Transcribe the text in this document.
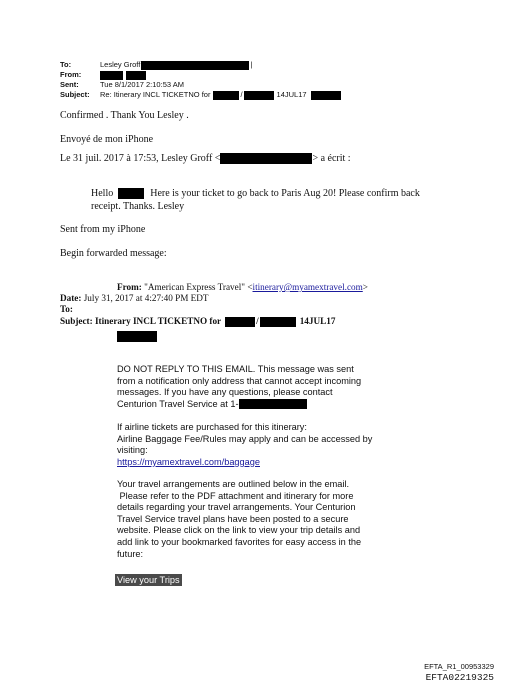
To:	Lesley Groff	|
From:
Sent:	Tue 8/1/2017 2:10:53 AM
Subject: Re: Itinerary INCL TICKETNO for	/	14JUL17
Confirmed . Thank You Lesley .
Envoyé de mon iPhone
Le 31 juil. 2017 à 17:53, Lesley Groff <	> a écrit :
Hello	Here is your ticket to go back to Paris Aug 20! Please confirm back
receipt. Thanks. Lesley
Sent from my iPhone
Begin forwarded message:
From: "American Express Travel" <itinerary@myamextravel.com>
Date: July 31, 2017 at 4:27:40 PM EDT
To:
Subject: Itinerary INCL TICKETNO for	/	14JUL17
DO NOT REPLY TO THIS EMAIL. This message was sent
from a notification only address that cannot accept incoming
messages. If you have any questions, please contact
Centurion Travel Service at 1-
If airline tickets are purchased for this itinerary:
Airline Baggage Fee/Rules may apply and can be accessed by
visiting:
https://myamextravel.com/baggage
Your travel arrangements are outlined below in the email.
Please refer to the PDF attachment and itinerary for more
details regarding your travel arrangements. Your Centurion
Travel Service travel plans have been posted to a secure
website. Please click on the link to view your trip details and
add link to your bookmarked favorites for easy access in the
future:
View your Trips
EFTA_R1_00953329
EFTA02219325
